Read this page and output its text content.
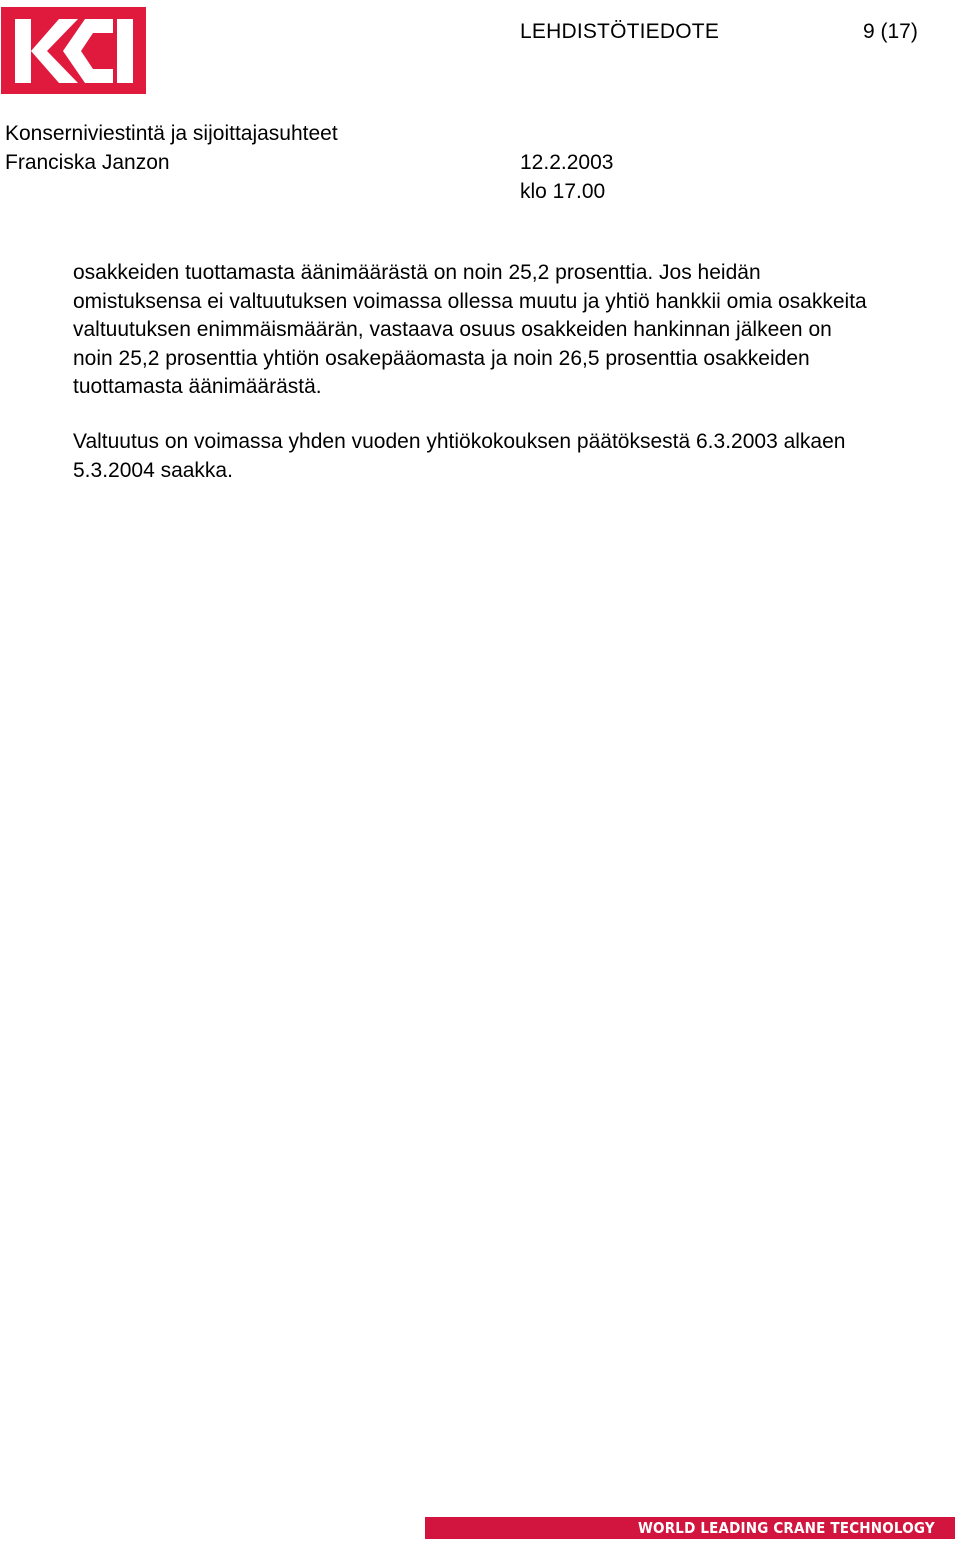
LEHDISTÖTIEDOTE	9 (17)
Konserniviestintä ja sijoittajasuhteet
Franciska Janzon	12.2.2003
klo 17.00

osakkeiden tuottamasta äänimäärästä on noin 25,2 prosenttia. Jos heidän
omistuksensa ei valtuutuksen voimassa ollessa muutu ja yhtiö hankkii omia osakkeita
valtuutuksen enimmäismäärän, vastaava osuus osakkeiden hankinnan jälkeen on
noin 25,2 prosenttia yhtiön osakepääomasta ja noin 26,5 prosenttia osakkeiden
tuottamasta äänimäärästä.

Valtuutus on voimassa yhden vuoden yhtiökokouksen päätöksestä 6.3.2003 alkaen
5.3.2004 saakka.

WORLD LEADING CRANE TECHNOLOGY
